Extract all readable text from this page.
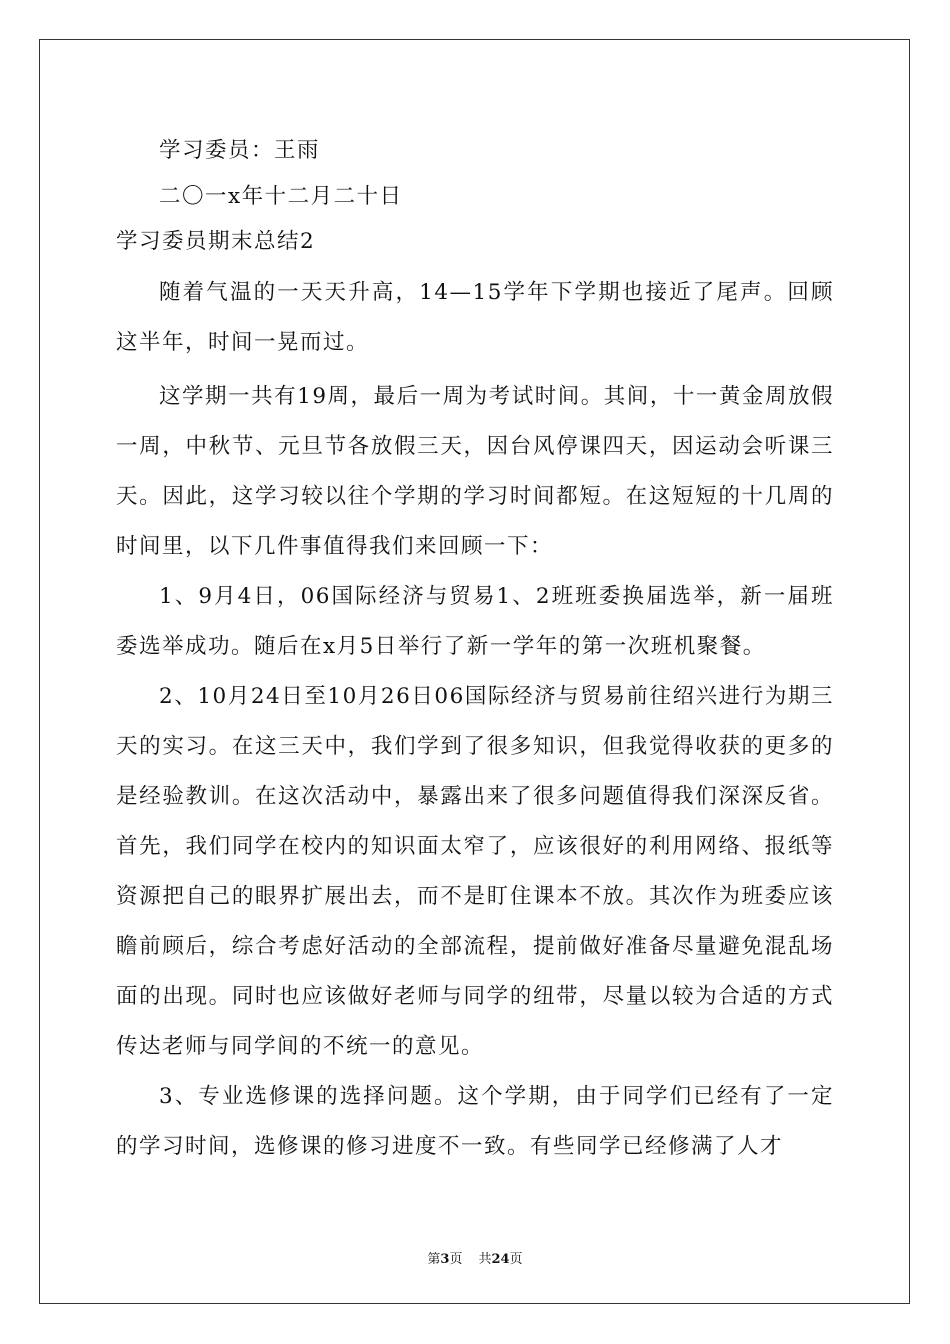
学习委员：王雨
二〇一x年十二月二十日
学习委员期末总结2

随着气温的一天天升高，14—15学年下学期也接近了尾声。回顾这半年，时间一晃而过。

这学期一共有19周，最后一周为考试时间。其间，十一黄金周放假一周，中秋节、元旦节各放假三天，因台风停课四天，因运动会听课三天。因此，这学习较以往个学期的学习时间都短。在这短短的十几周的时间里，以下几件事值得我们来回顾一下：

1、9月4日，06国际经济与贸易1、2班班委换届选举，新一届班委选举成功。随后在x月5日举行了新一学年的第一次班机聚餐。

2、10月24日至10月26日06国际经济与贸易前往绍兴进行为期三天的实习。在这三天中，我们学到了很多知识，但我觉得收获的更多的是经验教训。在这次活动中，暴露出来了很多问题值得我们深深反省。首先，我们同学在校内的知识面太窄了，应该很好的利用网络、报纸等资源把自己的眼界扩展出去，而不是盯住课本不放。其次作为班委应该瞻前顾后，综合考虑好活动的全部流程，提前做好准备尽量避免混乱场面的出现。同时也应该做好老师与同学的纽带，尽量以较为合适的方式传达老师与同学间的不统一的意见。

3、专业选修课的选择问题。这个学期，由于同学们已经有了一定的学习时间，选修课的修习进度不一致。有些同学已经修满了人才

第3页 共24页
